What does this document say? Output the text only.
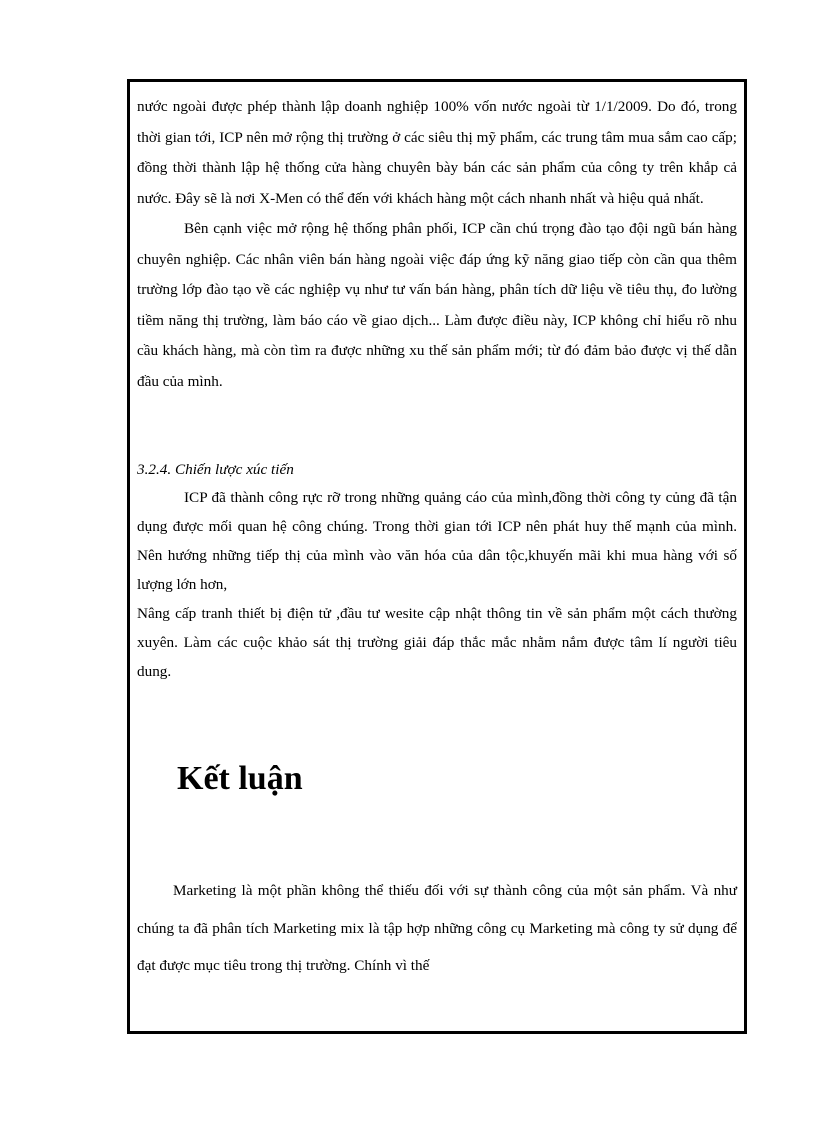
nước ngoài được phép thành lập doanh nghiệp 100% vốn nước ngoài từ 1/1/2009. Do đó, trong thời gian tới, ICP nên mở rộng thị trường ở các siêu thị mỹ phẩm, các trung tâm mua sắm cao cấp; đồng thời thành lập hệ thống cửa hàng chuyên bày bán các sản phẩm của công ty trên khắp cả nước. Đây sẽ là nơi X-Men có thể đến với khách hàng một cách nhanh nhất và hiệu quả nhất.

Bên cạnh việc mở rộng hệ thống phân phối, ICP cần chú trọng đào tạo đội ngũ bán hàng chuyên nghiệp. Các nhân viên bán hàng ngoài việc đáp ứng kỹ năng giao tiếp còn cần qua thêm trường lớp đào tạo về các nghiệp vụ như tư vấn bán hàng, phân tích dữ liệu về tiêu thụ, đo lường tiềm năng thị trường, làm báo cáo về giao dịch... Làm được điều này, ICP không chỉ hiểu rõ nhu cầu khách hàng, mà còn tìm ra được những xu thế sản phẩm mới; từ đó đảm bảo được vị thế dẫn đầu của mình.

3.2.4. Chiến lược xúc tiến

ICP đã thành công rực rỡ trong những quảng cáo của mình,đồng thời công ty củng đã tận dụng được mối quan hệ công chúng. Trong thời gian tới ICP nên phát huy thế mạnh của mình. Nên hướng những tiếp thị của mình vào văn hóa của dân tộc,khuyến mãi khi mua hàng với số lượng lớn hơn,

Nâng cấp tranh thiết bị điện tử ,đầu tư wesite cập nhật thông tin về sản phẩm một cách thường xuyên. Làm các cuộc khảo sát thị trường giải đáp thắc mắc nhằm nắm được tâm lí người tiêu dung.

Kết luận

Marketing là một phần không thể thiếu đối với sự thành công của một sản phẩm. Và như chúng ta đã phân tích Marketing mix là tập hợp những công cụ Marketing mà công ty sử dụng để đạt được mục tiêu trong thị trường. Chính vì thế
